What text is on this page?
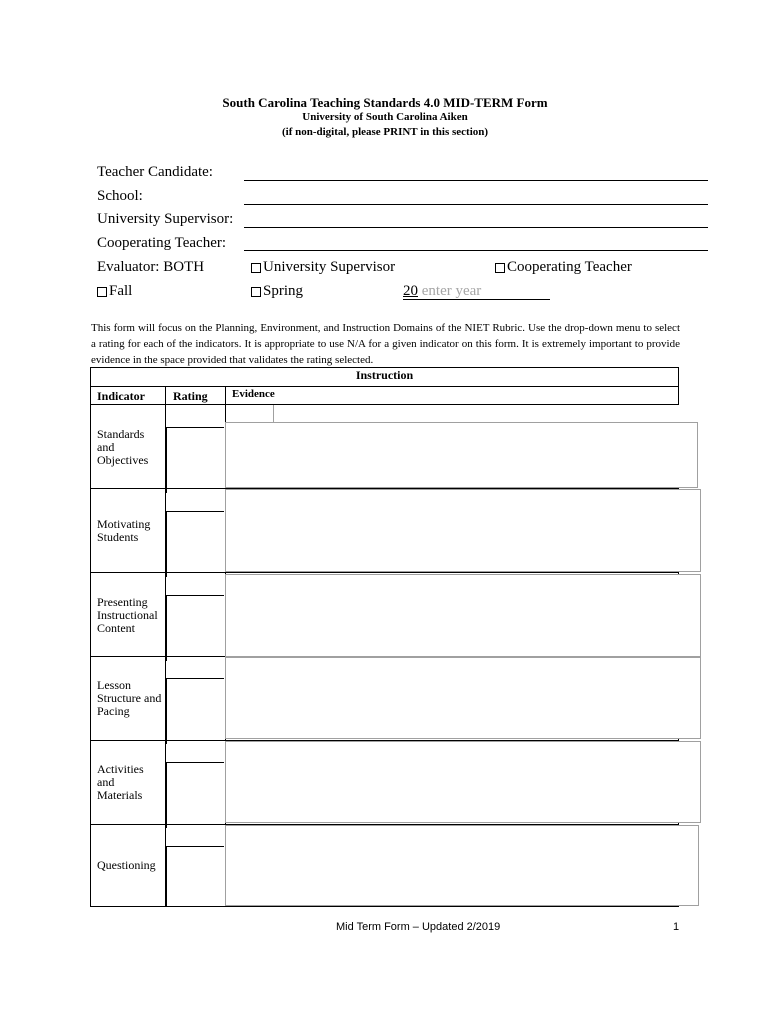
South Carolina Teaching Standards 4.0 MID-TERM Form
University of South Carolina Aiken
(if non-digital, please PRINT in this section)
Teacher Candidate:
School:
University Supervisor:
Cooperating Teacher:
Evaluator: BOTH	University Supervisor	Cooperating Teacher
Fall	Spring	20 enter year
This form will focus on the Planning, Environment, and Instruction Domains of the NIET Rubric. Use the drop-down menu to select a rating for each of the indicators. It is appropriate to use N/A for a given indicator on this form. It is extremely important to provide evidence in the space provided that validates the rating selected.
Instruction
Indicator Rating Evidence
Standards
and
Objectives
Motivating
Students
Presenting
Instructional
Content
Lesson
Structure and
Pacing
Activities
and
Materials
Questioning
Mid Term Form – Updated 2/2019	1
